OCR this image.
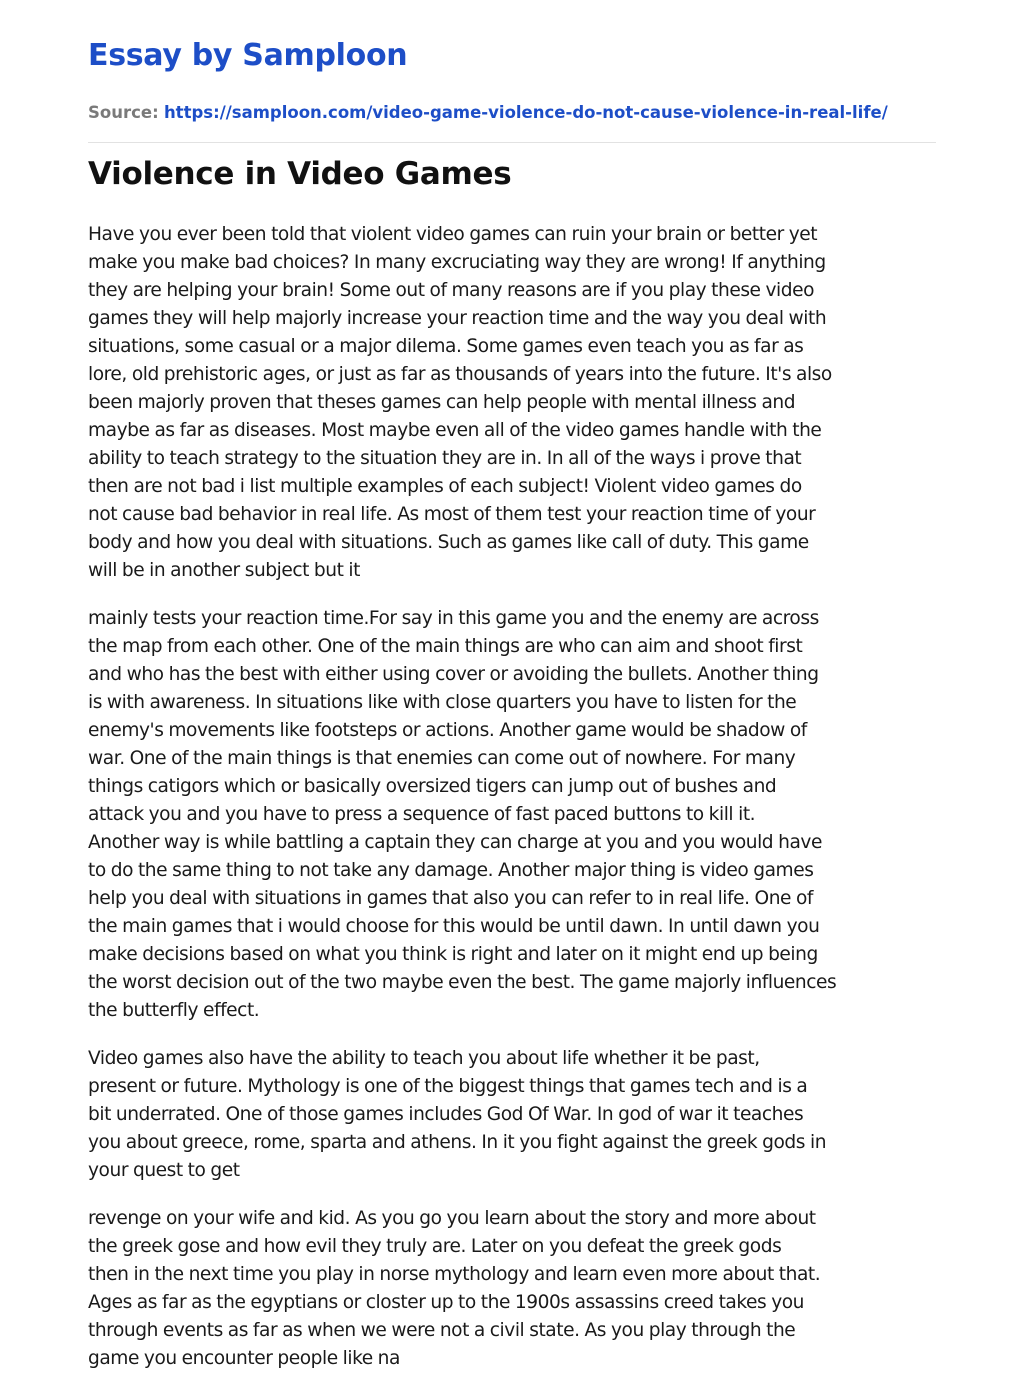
Essay by Samploon
Source: https://samploon.com/video-game-violence-do-not-cause-violence-in-real-life/
Violence in Video Games

Have you ever been told that violent video games can ruin your brain or better yet
make you make bad choices? In many excruciating way they are wrong! If anything
they are helping your brain! Some out of many reasons are if you play these video
games they will help majorly increase your reaction time and the way you deal with
situations, some casual or a major dilema. Some games even teach you as far as
lore, old prehistoric ages, or just as far as thousands of years into the future. It's also
been majorly proven that theses games can help people with mental illness and
maybe as far as diseases. Most maybe even all of the video games handle with the
ability to teach strategy to the situation they are in. In all of the ways i prove that
then are not bad i list multiple examples of each subject! Violent video games do
not cause bad behavior in real life. As most of them test your reaction time of your
body and how you deal with situations. Such as games like call of duty. This game
will be in another subject but it

mainly tests your reaction time.For say in this game you and the enemy are across
the map from each other. One of the main things are who can aim and shoot first
and who has the best with either using cover or avoiding the bullets. Another thing
is with awareness. In situations like with close quarters you have to listen for the
enemy's movements like footsteps or actions. Another game would be shadow of
war. One of the main things is that enemies can come out of nowhere. For many
things catigors which or basically oversized tigers can jump out of bushes and
attack you and you have to press a sequence of fast paced buttons to kill it.
Another way is while battling a captain they can charge at you and you would have
to do the same thing to not take any damage. Another major thing is video games
help you deal with situations in games that also you can refer to in real life. One of
the main games that i would choose for this would be until dawn. In until dawn you
make decisions based on what you think is right and later on it might end up being
the worst decision out of the two maybe even the best. The game majorly influences
the butterfly effect.

Video games also have the ability to teach you about life whether it be past,
present or future. Mythology is one of the biggest things that games tech and is a
bit underrated. One of those games includes God Of War. In god of war it teaches
you about greece, rome, sparta and athens. In it you fight against the greek gods in
your quest to get

revenge on your wife and kid. As you go you learn about the story and more about
the greek gose and how evil they truly are. Later on you defeat the greek gods
then in the next time you play in norse mythology and learn even more about that.
Ages as far as the egyptians or closter up to the 1900s assassins creed takes you
through events as far as when we were not a civil state. As you play through the
game you encounter people like na
